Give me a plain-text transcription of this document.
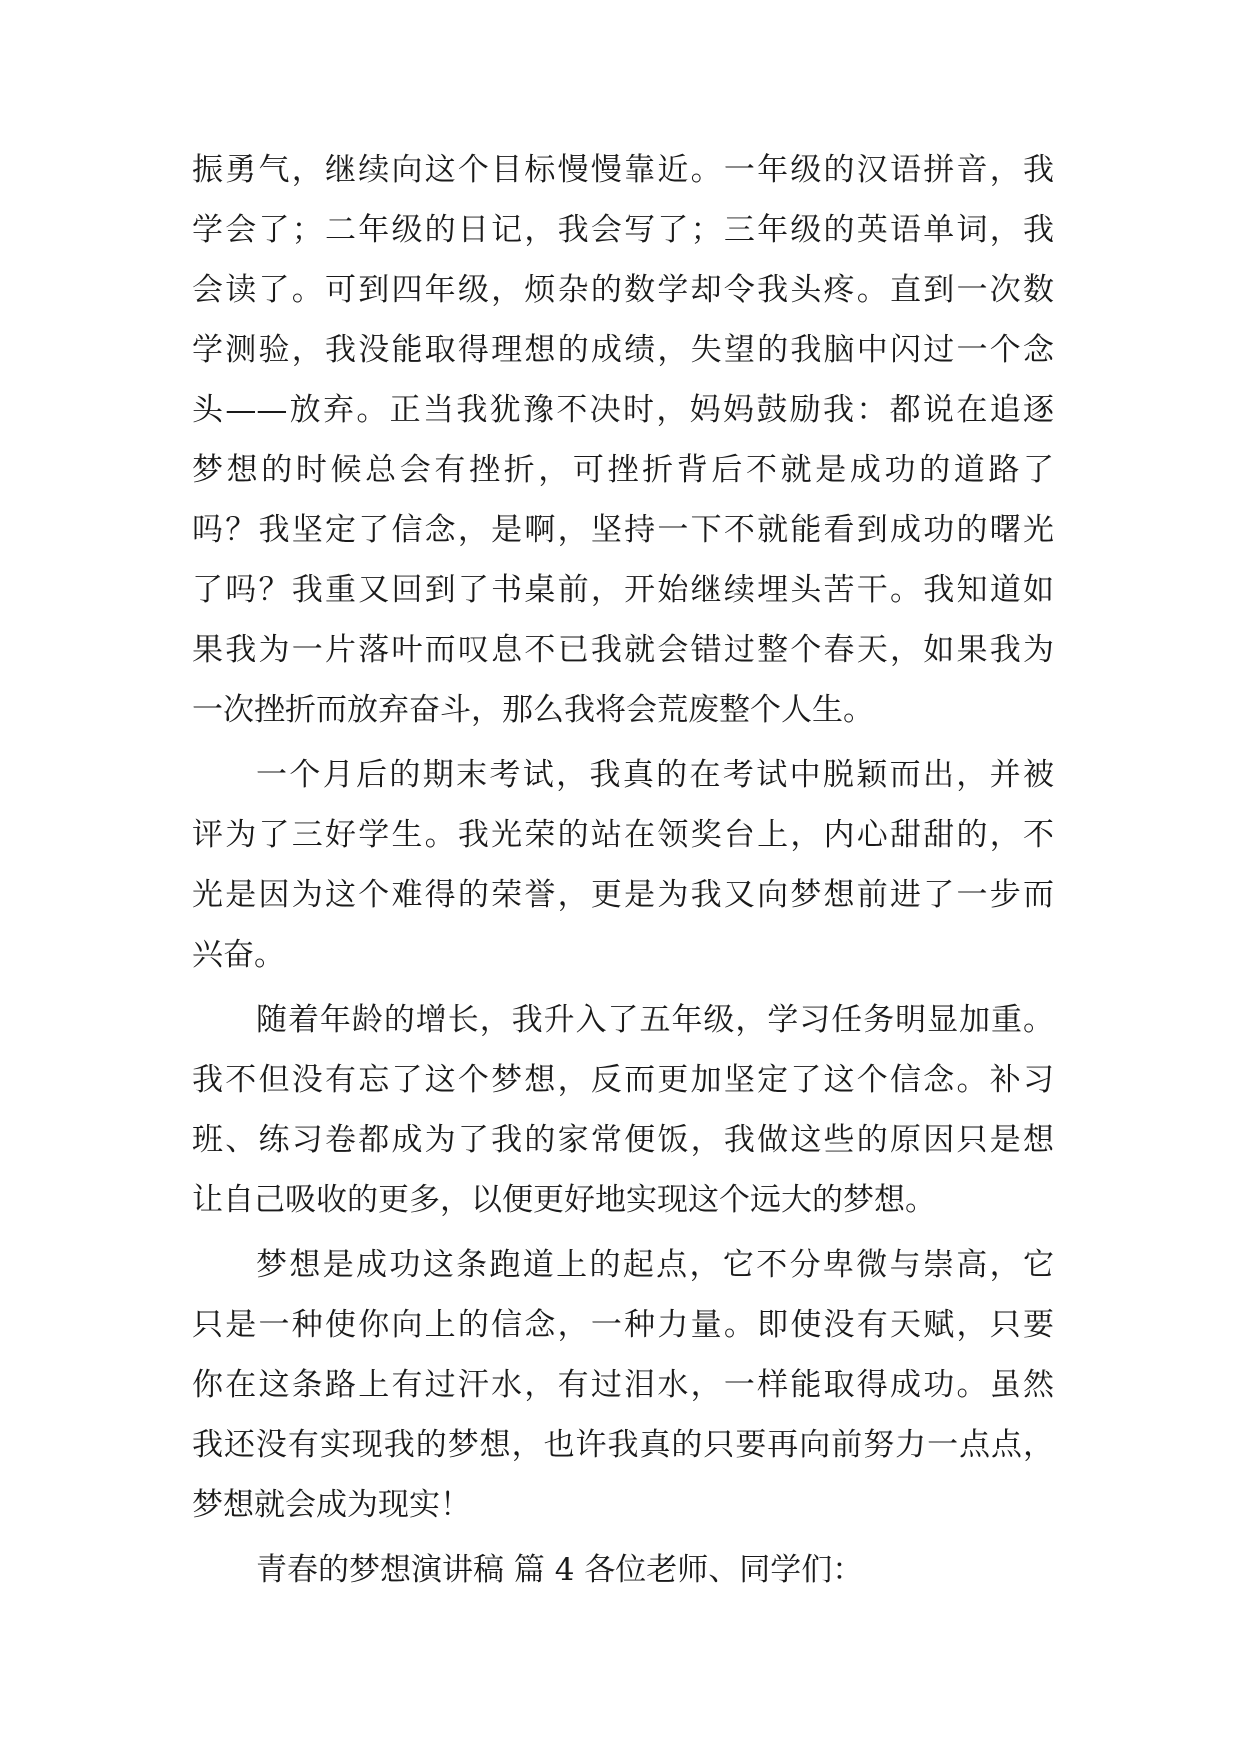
振勇气，继续向这个目标慢慢靠近。一年级的汉语拼音，我
学会了；二年级的日记，我会写了；三年级的英语单词，我
会读了。可到四年级，烦杂的数学却令我头疼。直到一次数
学测验，我没能取得理想的成绩，失望的我脑中闪过一个念
头——放弃。正当我犹豫不决时，妈妈鼓励我：都说在追逐
梦想的时候总会有挫折，可挫折背后不就是成功的道路了
吗？我坚定了信念，是啊，坚持一下不就能看到成功的曙光
了吗？我重又回到了书桌前，开始继续埋头苦干。我知道如
果我为一片落叶而叹息不已我就会错过整个春天，如果我为
一次挫折而放弃奋斗，那么我将会荒废整个人生。
一个月后的期末考试，我真的在考试中脱颖而出，并被
评为了三好学生。我光荣的站在领奖台上，内心甜甜的，不
光是因为这个难得的荣誉，更是为我又向梦想前进了一步而
兴奋。
随着年龄的增长，我升入了五年级，学习任务明显加重。
我不但没有忘了这个梦想，反而更加坚定了这个信念。补习
班、练习卷都成为了我的家常便饭，我做这些的原因只是想
让自己吸收的更多，以便更好地实现这个远大的梦想。
梦想是成功这条跑道上的起点，它不分卑微与崇高，它
只是一种使你向上的信念，一种力量。即使没有天赋，只要
你在这条路上有过汗水，有过泪水，一样能取得成功。虽然
我还没有实现我的梦想，也许我真的只要再向前努力一点点，
梦想就会成为现实！
青春的梦想演讲稿 篇 4 各位老师、同学们：
